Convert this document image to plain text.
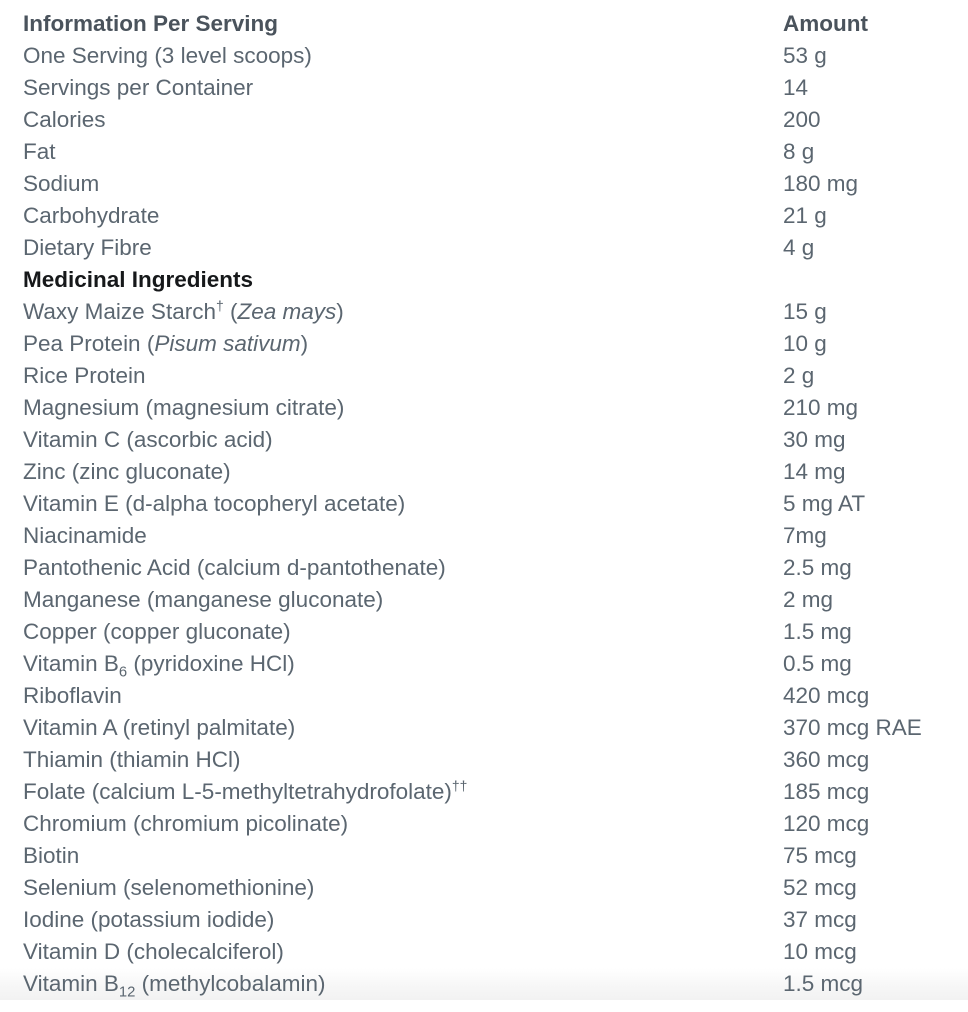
Information Per Serving	Amount
One Serving (3 level scoops)	53 g
Servings per Container	14
Calories	200
Fat	8 g
Sodium	180 mg
Carbohydrate	21 g
Dietary Fibre	4 g
Medicinal Ingredients	
Waxy Maize Starch† (Zea mays)	15 g
Pea Protein (Pisum sativum)	10 g
Rice Protein	2 g
Magnesium (magnesium citrate)	210 mg
Vitamin C (ascorbic acid)	30 mg
Zinc (zinc gluconate)	14 mg
Vitamin E (d-alpha tocopheryl acetate)	5 mg AT
Niacinamide	7mg
Pantothenic Acid (calcium d-pantothenate)	2.5 mg
Manganese (manganese gluconate)	2 mg
Copper (copper gluconate)	1.5 mg
Vitamin $B_6$ (pyridoxine HCl)	0.5 mg
Riboflavin	420 mcg
Vitamin A (retinyl palmitate)	370 mcg RAE
Thiamin (thiamin HCl)	360 mcg
Folate (calcium L-5-methyltetrahydrofolate)††	185 mcg
Chromium (chromium picolinate)	120 mcg
Biotin	75 mcg
Selenium (selenomethionine)	52 mcg
Iodine (potassium iodide)	37 mcg
Vitamin D (cholecalciferol)	10 mcg
Vitamin $B_{12}$ (methylcobalamin)	1.5 mcg
